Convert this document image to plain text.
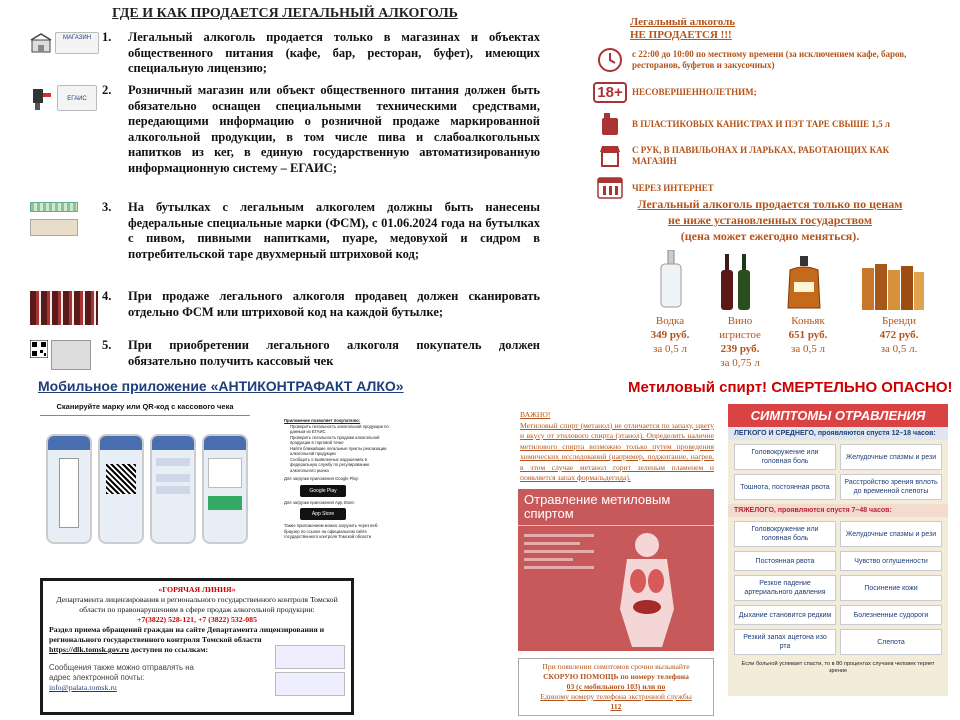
ГДЕ И КАК ПРОДАЕТСЯ ЛЕГАЛЬНЫЙ АЛКОГОЛЬ
МАГАЗИН 1.	Легальный алкоголь продается только в магазинах и объектах общественного питания (кафе, бар, ресторан, буфет), имеющих специальную лицензию;
ЕГАИС
2.	Розничный магазин или объект общественного питания должен быть обязательно оснащен специальными техническими средствами, передающими информацию о розничной продаже маркированной алкогольной продукции, в том числе пива и слабоалкогольных напитков из кег, в единую государственную автоматизированную информационную систему – ЕГАИС;
3.	На бутылках с легальным алкоголем должны быть нанесены федеральные специальные марки (ФСМ), с 01.06.2024 года на бутылках с пивом, пивными напитками, пуаре, медовухой и сидром в потребительской таре двухмерный штриховой код;
4.	При продаже легального алкоголя продавец должен сканировать отдельно ФСМ или штриховой код на каждой бутылке;
5.	При приобретении легального алкоголя покупатель должен обязательно получить кассовый чек
Легальный алкоголь
НЕ ПРОДАЕТСЯ !!!
с 22:00 до 10:00 по местному времени (за исключением кафе, баров, ресторанов, буфетов и закусочных)
18+	НЕСОВЕРШЕННОЛЕТНИМ;
В ПЛАСТИКОВЫХ КАНИСТРАХ И ПЭТ ТАРЕ СВЫШЕ 1,5 л
С РУК, В ПАВИЛЬОНАХ И ЛАРЬКАХ, РАБОТАЮЩИХ КАК МАГАЗИН
ЧЕРЕЗ ИНТЕРНЕТ
Легальный алкоголь продается только по ценам
не ниже установленных государством
(цена может ежегодно меняться).
Водка
349 руб.
за 0,5 л
Вино игристое
239 руб.
за 0,75 л
Коньяк
651 руб.
за 0,5 л
Бренди
472 руб.
за 0,5 л.
Мобильное приложение «АНТИКОНТРАФАКТ АЛКО»
Сканируйте марку или QR-код с кассового чека
Приложение позволяет покупателю:
Проверить легальность алкогольной продукции по данным из ЕГАИС
Проверить легальность продажи алкогольной продукции в торговой точке
Найти ближайшие легальные пункты реализации алкогольной продукции
Сообщить о выявленных нарушениях в федеральную службу по регулированию алкогольного рынка
Для загрузки приложения Google Play:
Google Play
Для загрузки приложения App Store:
App Store
Также приложением можно загрузить через веб-браузер по ссылке на официальном сайте государственного контроля Томской области
«ГОРЯЧАЯ ЛИНИЯ»
Департамента лицензирования и регионального государственного контроля Томской области по правонарушениям в сфере продаж алкогольной продукции:
+7(3822) 528-121, +7 (3822) 532-085
Раздел приема обращений граждан на сайте Департамента лицензирования и регионального государственного контроля Томской области
https://dlk.tomsk.gov.ru доступен по ссылкам:
Сообщения также можно отправлять на адрес электронной почты:
info@palata.tomsk.ru
Метиловый спирт! СМЕРТЕЛЬНО ОПАСНО!
ВАЖНО!
Метиловый спирт (метанол) не отличается по запаху, цвету и вкусу от этилового спирта (этанол). Определить наличие метилового спирта возможно только путем проведения химических исследований (например, поджигание, нагрев, в этом случае метанол горит зеленым пламенем и появляется запах формальдегида).
Отравление метиловым спиртом
При появлении симптомов срочно вызывайте
СКОРУЮ ПОМОЩЬ по номеру телефона
03 (с мобильного 103) или по
Единому номеру телефона экстренной службы
112
СИМПТОМЫ ОТРАВЛЕНИЯ
ЛЕГКОГО И СРЕДНЕГО, проявляются спустя 12–18 часов:
Головокружение или головная боль
Желудочные спазмы и рези
Тошнота, постоянная рвота
Расстройство зрения вплоть до временной слепоты
ТЯЖЕЛОГО, проявляются спустя 7–48 часов:
Головокружение или головная боль
Желудочные спазмы и рези
Постоянная рвота	Чувство оглушенности
Резкое падение артериального давления
Посинение кожи
Дыхание становится редким	Болезненные судороги
Резкий запах ацетона изо рта
Слепота
Если больной успевает спасти, то в 80 процентах случаев человек теряет зрение
